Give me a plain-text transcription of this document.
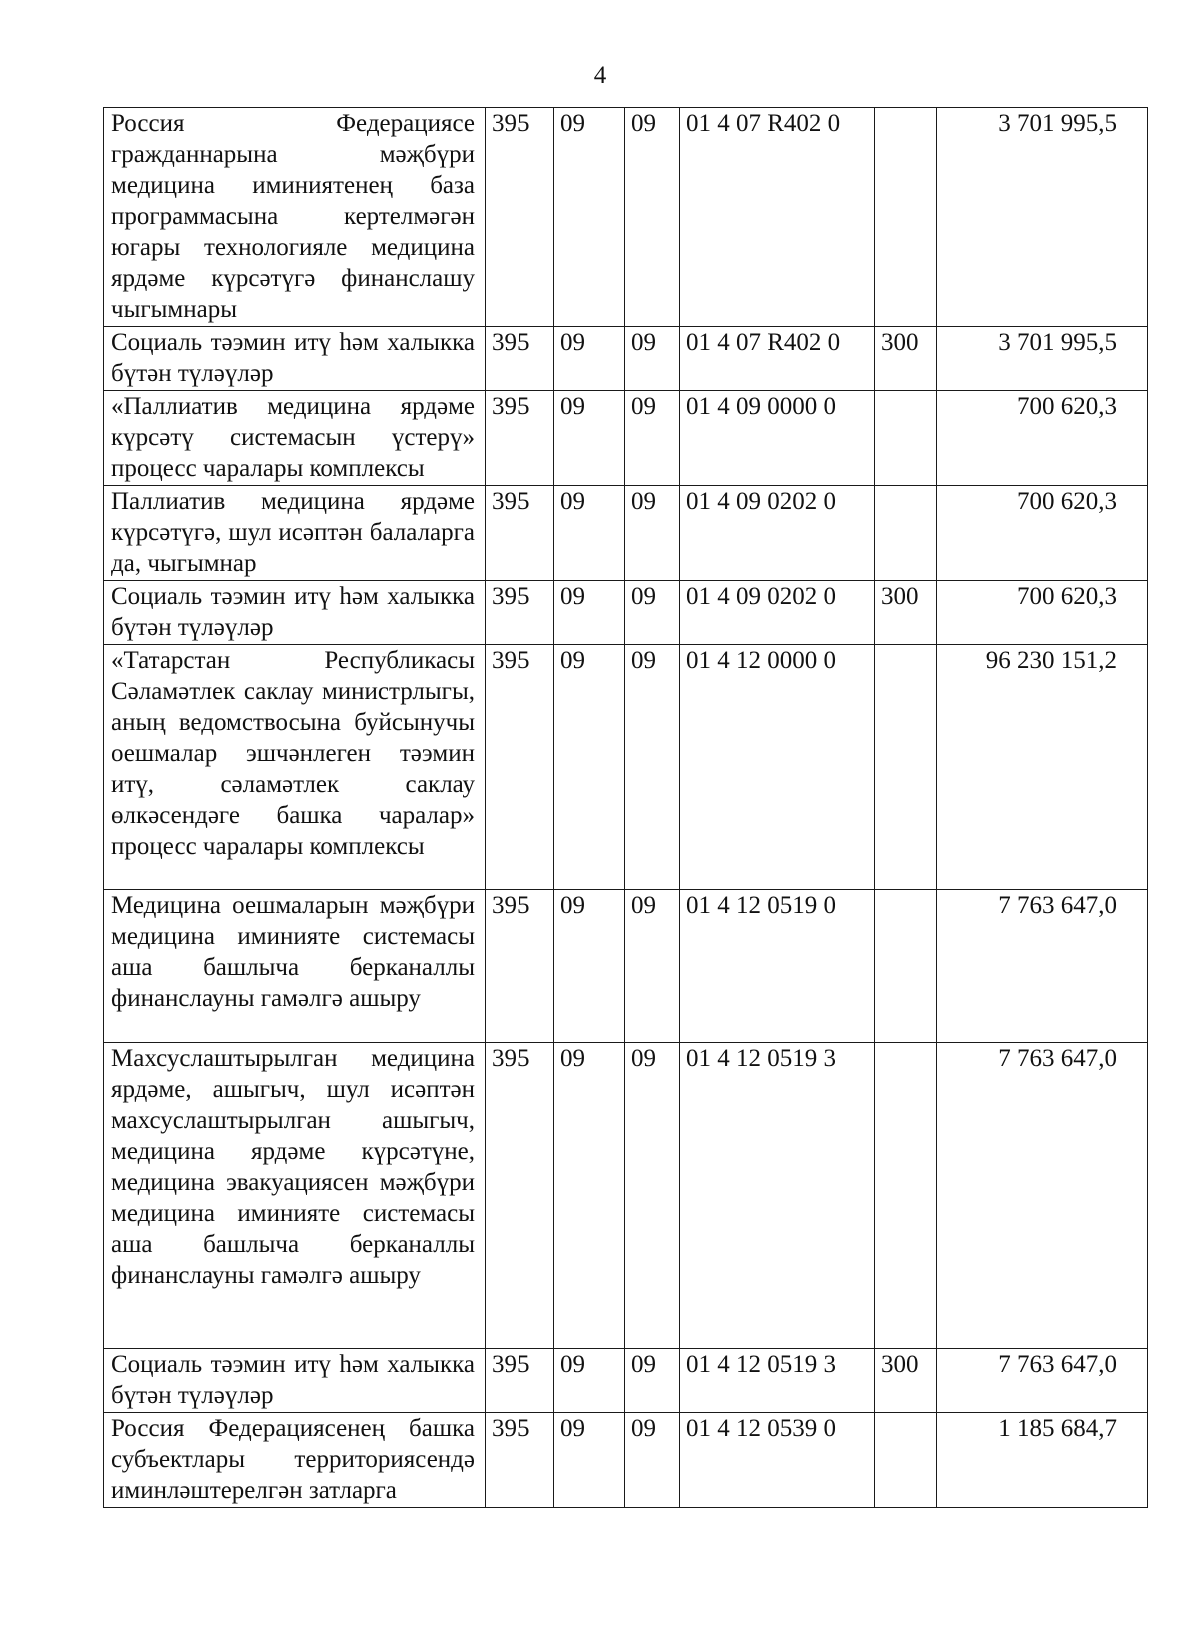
4
Россия Федерациясе гражданнарына мәҗбүри медицина иминиятенең база программасына кертелмәгән югары технологияле медицина ярдәме күрсәтүгә финанслашу чыгымнары	395	09	09	01 4 07 R402 0		3 701 995,5
Социаль тәэмин итү һәм халыкка бүтән түләүләр	395	09	09	01 4 07 R402 0	300	3 701 995,5
«Паллиатив медицина ярдәме күрсәтү системасын үстерү» процесс чаралары комплексы	395	09	09	01 4 09 0000 0		700 620,3
Паллиатив медицина ярдәме күрсәтүгә, шул исәптән балаларга да, чыгымнар	395	09	09	01 4 09 0202 0		700 620,3
Социаль тәэмин итү һәм халыкка бүтән түләүләр	395	09	09	01 4 09 0202 0	300	700 620,3
«Татарстан Республикасы Сәламәтлек саклау министрлыгы, аның ведомствосына буйсынучы оешмалар эшчәнлеген тәэмин итү, сәламәтлек саклау өлкәсендәге башка чаралар» процесс чаралары комплексы	395	09	09	01 4 12 0000 0		96 230 151,2
Медицина оешмаларын мәҗбүри медицина иминияте системасы аша башлыча берканаллы финанслауны гамәлгә ашыру	395	09	09	01 4 12 0519 0		7 763 647,0
Махсуслаштырылган медицина ярдәме, ашыгыч, шул исәптән махсуслаштырылган ашыгыч, медицина ярдәме күрсәтүне, медицина эвакуациясен мәҗбүри медицина иминияте системасы аша башлыча берканаллы финанслауны гамәлгә ашыру	395	09	09	01 4 12 0519 3		7 763 647,0
Социаль тәэмин итү һәм халыкка бүтән түләүләр	395	09	09	01 4 12 0519 3	300	7 763 647,0
Россия Федерациясенең башка субъектлары территориясендә иминләштерелгән затларга	395	09	09	01 4 12 0539 0		1 185 684,7
